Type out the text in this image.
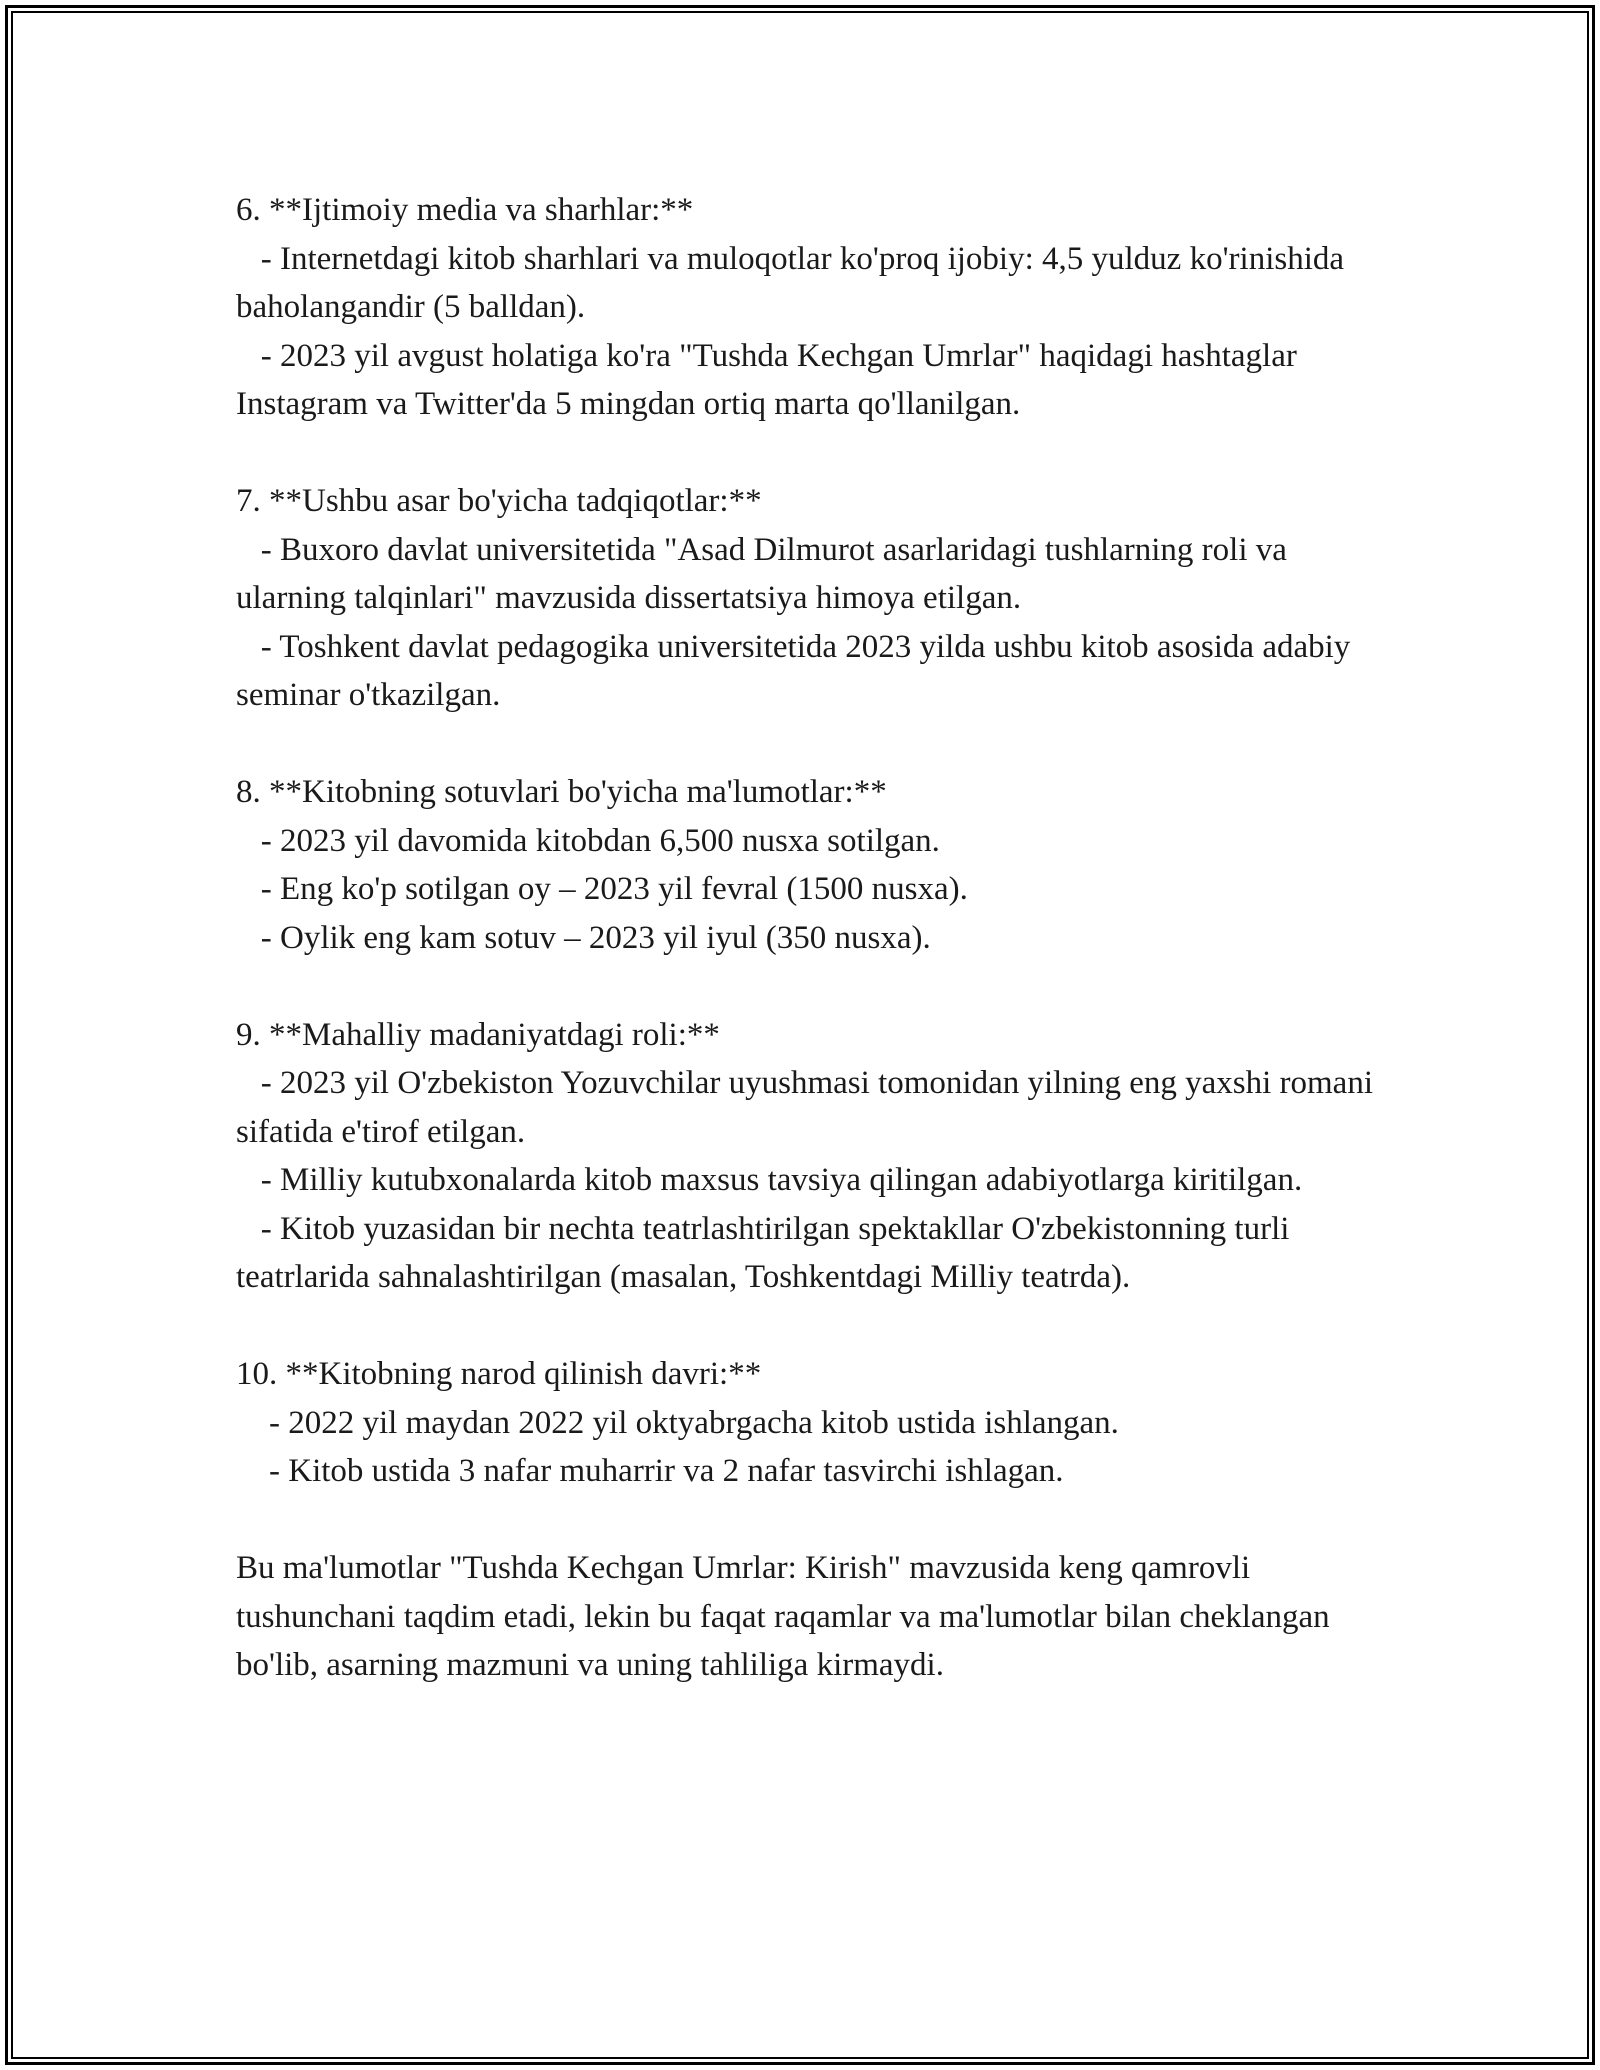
6. **Ijtimoiy media va sharhlar:**

- Internetdagi kitob sharhlari va muloqotlar ko'proq ijobiy: 4,5 yulduz ko'rinishida baholangandir (5 balldan).

- 2023 yil avgust holatiga ko'ra "Tushda Kechgan Umrlar" haqidagi hashtaglar Instagram va Twitter'da 5 mingdan ortiq marta qo'llanilgan.

7. **Ushbu asar bo'yicha tadqiqotlar:**

- Buxoro davlat universitetida "Asad Dilmurot asarlaridagi tushlarning roli va ularning talqinlari" mavzusida dissertatsiya himoya etilgan.

- Toshkent davlat pedagogika universitetida 2023 yilda ushbu kitob asosida adabiy seminar o'tkazilgan.

8. **Kitobning sotuvlari bo'yicha ma'lumotlar:**

- 2023 yil davomida kitobdan 6,500 nusxa sotilgan.

- Eng ko'p sotilgan oy – 2023 yil fevral (1500 nusxa).

- Oylik eng kam sotuv – 2023 yil iyul (350 nusxa).

9. **Mahalliy madaniyatdagi roli:**

- 2023 yil O'zbekiston Yozuvchilar uyushmasi tomonidan yilning eng yaxshi romani sifatida e'tirof etilgan.

- Milliy kutubxonalarda kitob maxsus tavsiya qilingan adabiyotlarga kiritilgan.

- Kitob yuzasidan bir nechta teatrlashtirilgan spektakllar O'zbekistonning turli teatrlarida sahnalashtirilgan (masalan, Toshkentdagi Milliy teatrda).

10. **Kitobning narod qilinish davri:**

- 2022 yil maydan 2022 yil oktyabrgacha kitob ustida ishlangan.

- Kitob ustida 3 nafar muharrir va 2 nafar tasvirchi ishlagan.

Bu ma'lumotlar "Tushda Kechgan Umrlar: Kirish" mavzusida keng qamrovli tushunchani taqdim etadi, lekin bu faqat raqamlar va ma'lumotlar bilan cheklangan bo'lib, asarning mazmuni va uning tahliliga kirmaydi.
